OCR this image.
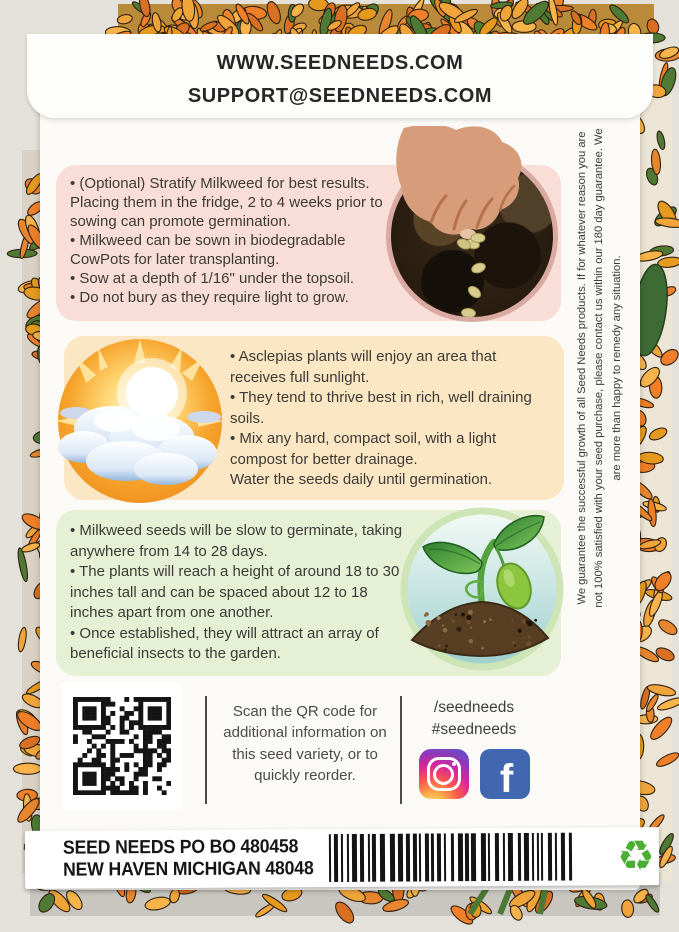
WWW.SEEDNEEDS.COM
SUPPORT@SEEDNEEDS.COM

• (Optional) Stratify Milkweed for best results. Placing them in the fridge, 2 to 4 weeks prior to sowing can promote germination.

• Milkweed can be sown in biodegradable CowPots for later transplanting.

• Sow at a depth of 1/16" under the topsoil.

• Do not bury as they require light to grow.

• Asclepias plants will enjoy an area that receives full sunlight.

• They tend to thrive best in rich, well draining soils.

• Mix any hard, compact soil, with a light compost for better drainage.

Water the seeds daily until germination.

• Milkweed seeds will be slow to germinate, taking anywhere from 14 to 28 days.

• The plants will reach a height of around 18 to 30 inches tall and can be spaced about 12 to 18 inches apart from one another.

• Once established, they will attract an array of beneficial insects to the garden.

Scan the QR code for additional information on this seed variety, or to quickly reorder.
/seedneeds
#seedneeds
f
We guarantee the successful growth of all Seed Needs products. If for whatever reason you are not 100% satisfied with your seed purchase, please contact us within our 180 day guarantee. We are more than happy to remedy any situation.
SEED NEEDS PO BO 480458
NEW HAVEN MICHIGAN 48048	♻
